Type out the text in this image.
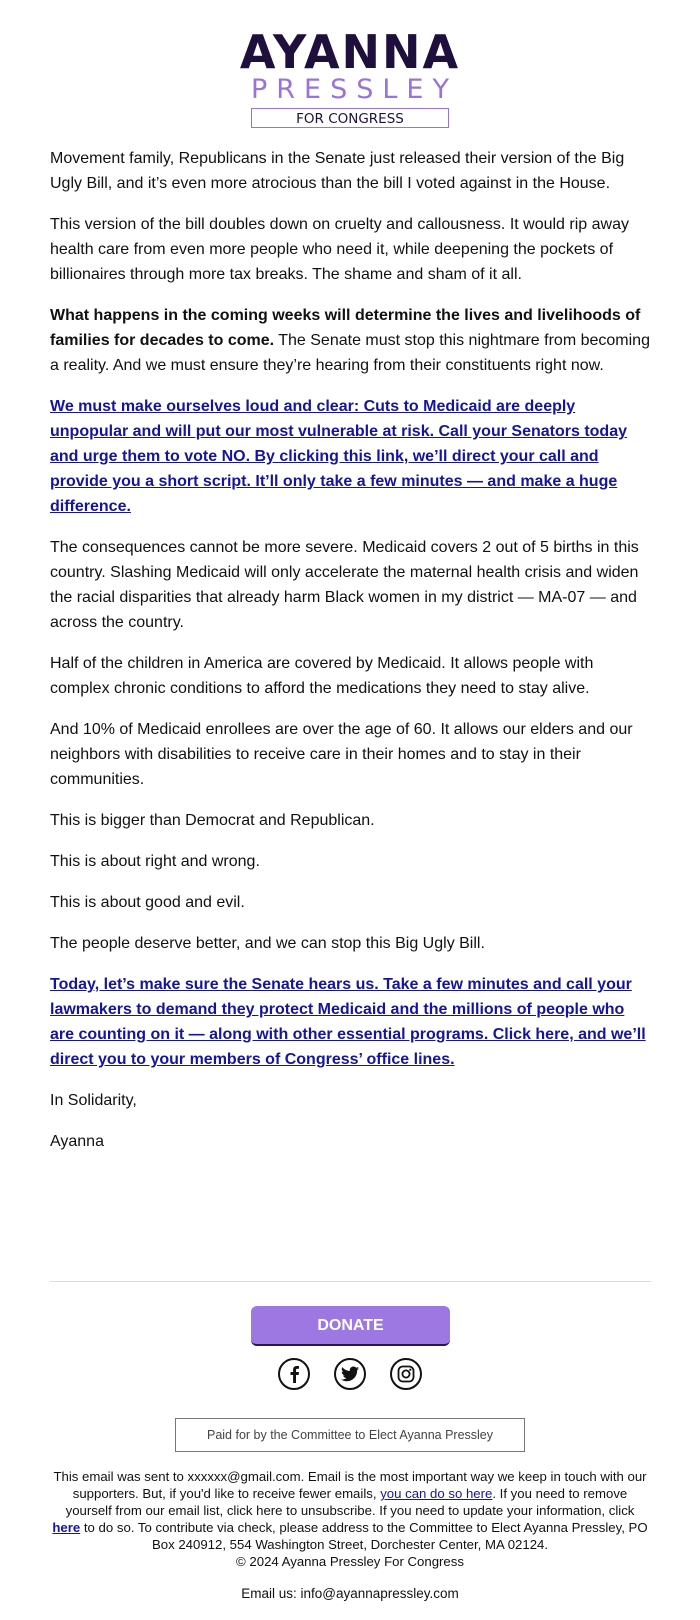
AYANNA
PRESSLEY
FOR CONGRESS

Movement family, Republicans in the Senate just released their version of the Big Ugly Bill, and it’s even more atrocious than the bill I voted against in the House.

This version of the bill doubles down on cruelty and callousness. It would rip away health care from even more people who need it, while deepening the pockets of billionaires through more tax breaks. The shame and sham of it all.

What happens in the coming weeks will determine the lives and livelihoods of families for decades to come. The Senate must stop this nightmare from becoming a reality. And we must ensure they’re hearing from their constituents right now.

We must make ourselves loud and clear: Cuts to Medicaid are deeply unpopular and will put our most vulnerable at risk. Call your Senators today and urge them to vote NO. By clicking this link, we’ll direct your call and provide you a short script. It’ll only take a few minutes — and make a huge difference.

The consequences cannot be more severe. Medicaid covers 2 out of 5 births in this country. Slashing Medicaid will only accelerate the maternal health crisis and widen the racial disparities that already harm Black women in my district — MA-07 — and across the country.

Half of the children in America are covered by Medicaid. It allows people with complex chronic conditions to afford the medications they need to stay alive.

And 10% of Medicaid enrollees are over the age of 60. It allows our elders and our neighbors with disabilities to receive care in their homes and to stay in their communities.

This is bigger than Democrat and Republican.

This is about right and wrong.

This is about good and evil.

The people deserve better, and we can stop this Big Ugly Bill.

Today, let’s make sure the Senate hears us. Take a few minutes and call your lawmakers to demand they protect Medicaid and the millions of people who are counting on it — along with other essential programs. Click here, and we’ll direct you to your members of Congress’ office lines.

In Solidarity,

Ayanna

DONATE

Paid for by the Committee to Elect Ayanna Pressley
This email was sent to xxxxxx@gmail.com. Email is the most important way we keep in touch with our supporters. But, if you'd like to receive fewer emails, you can do so here. If you need to remove yourself from our email list, click here to unsubscribe. If you need to update your information, click here to do so. To contribute via check, please address to the Committee to Elect Ayanna Pressley, PO Box 240912, 554 Washington Street, Dorchester Center, MA 02124.
© 2024 Ayanna Pressley For Congress
Email us: info@ayannapressley.com
